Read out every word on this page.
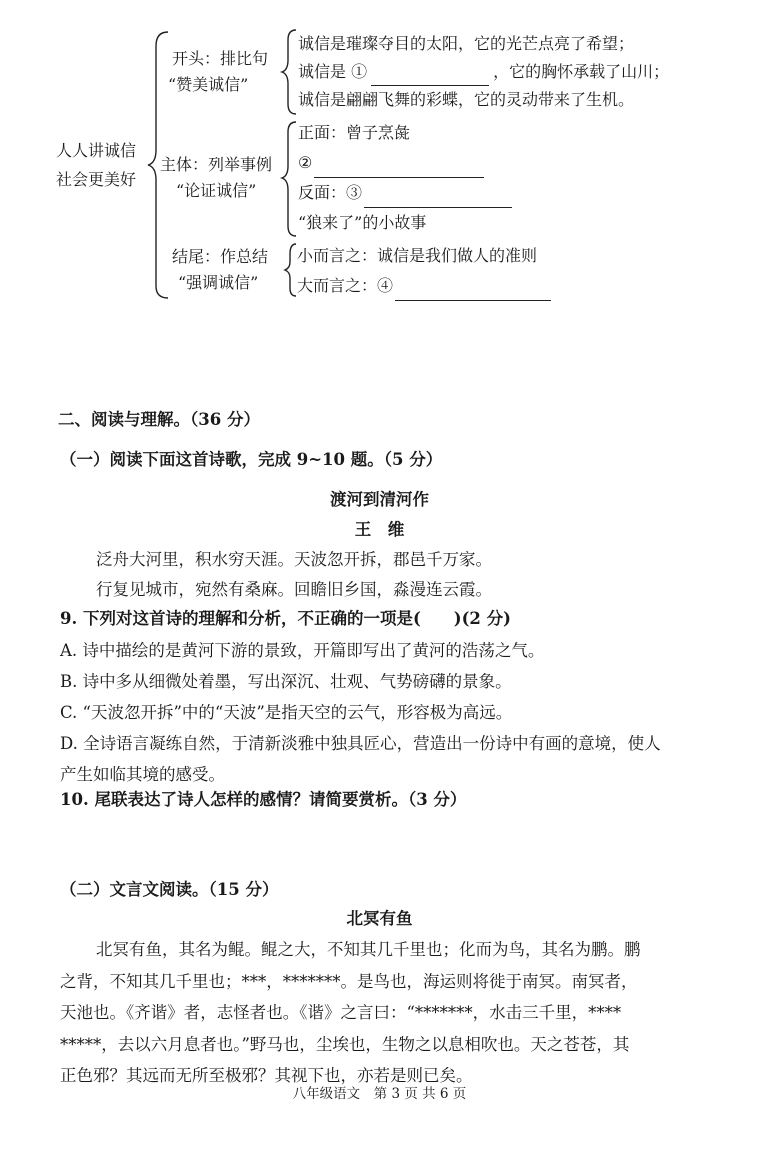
人人讲诚信
社会更美好
开头：排比句
“赞美诚信”
诚信是璀璨夺目的太阳，它的光芒点亮了希望；
诚信是 ①	，它的胸怀承载了山川；
诚信是翩翩飞舞的彩蝶，它的灵动带来了生机。
主体：列举事例
“论证诚信”
正面：曾子烹彘
②
反面：③
“狼来了”的小故事
结尾：作总结
“强调诚信”
小而言之：诚信是我们做人的准则
大而言之：④
二、阅读与理解。（36 分）
（一）阅读下面这首诗歌，完成 9~10 题。（5 分）
渡河到清河作
王　维
泛舟大河里，积水穷天涯。天波忽开拆，郡邑千万家。
行复见城市，宛然有桑麻。回瞻旧乡国，淼漫连云霞。
9. 下列对这首诗的理解和分析，不正确的一项是(　　)(2 分)
A. 诗中描绘的是黄河下游的景致，开篇即写出了黄河的浩荡之气。
B. 诗中多从细微处着墨，写出深沉、壮观、气势磅礴的景象。
C. “天波忽开拆”中的“天波”是指天空的云气，形容极为高远。
D. 全诗语言凝练自然，于清新淡雅中独具匠心，营造出一份诗中有画的意境，使人
产生如临其境的感受。
10. 尾联表达了诗人怎样的感情？请简要赏析。（3 分）
（二）文言文阅读。（15 分）
北冥有鱼
北冥有鱼，其名为鲲。鲲之大，不知其几千里也；化而为鸟，其名为鹏。鹏
之背，不知其几千里也；***，*******。是鸟也，海运则将徙于南冥。南冥者，
天池也。《齐谐》者，志怪者也。《谐》之言曰：“*******，水击三千里，****
*****，去以六月息者也。”野马也，尘埃也，生物之以息相吹也。天之苍苍，其
正色邪？其远而无所至极邪？其视下也，亦若是则已矣。
八年级语文　第 3 页 共 6 页
